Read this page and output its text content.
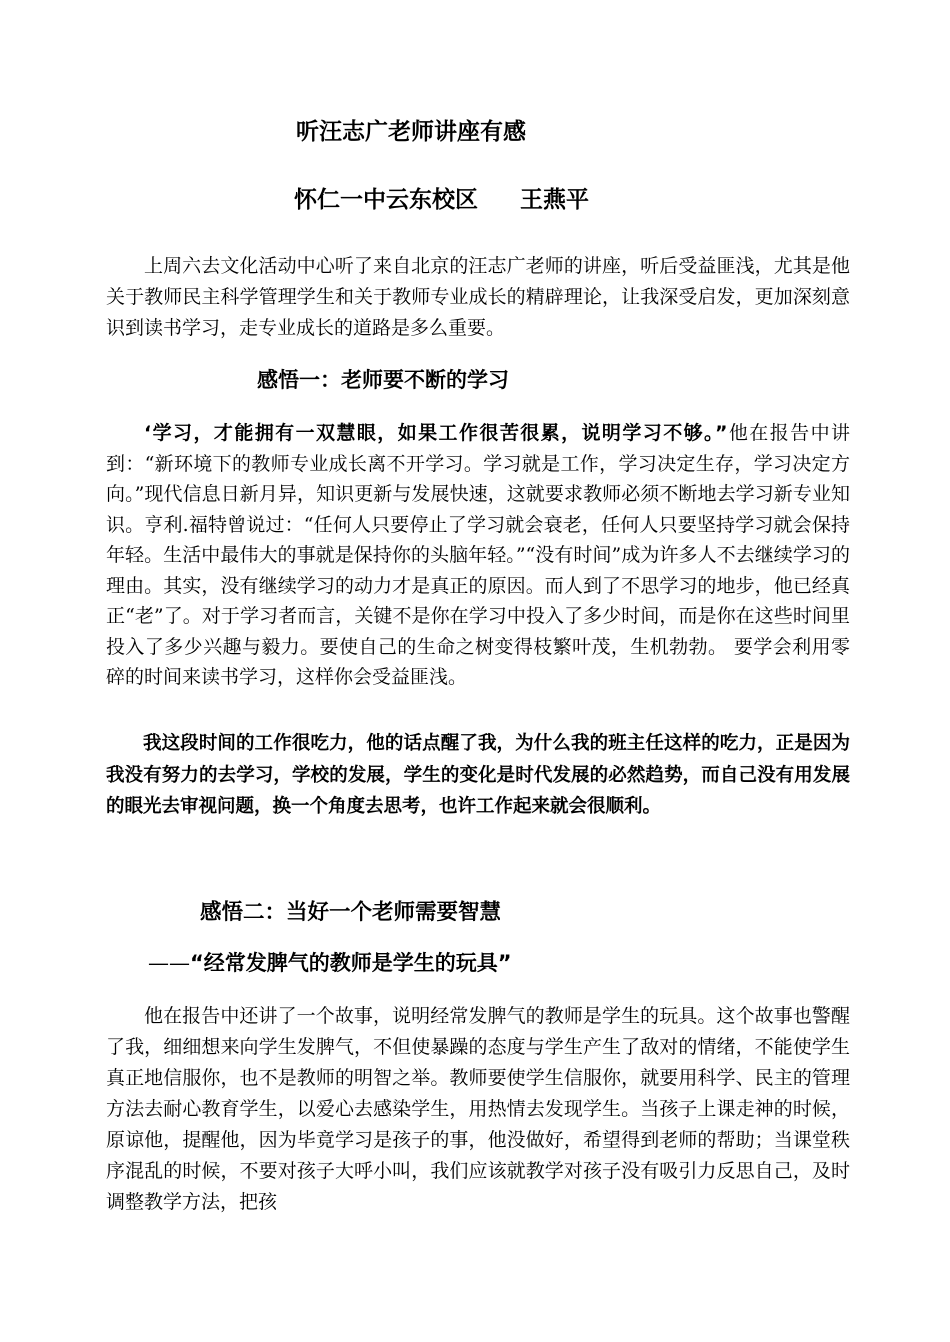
听汪志广老师讲座有感

怀仁一中云东校区 王燕平

上周六去文化活动中心听了来自北京的汪志广老师的讲座，听后受益匪浅，尤其是他关于教师民主科学管理学生和关于教师专业成长的精辟理论，让我深受启发，更加深刻意识到读书学习，走专业成长的道路是多么重要。

感悟一：老师要不断的学习

‘学习，才能拥有一双慧眼，如果工作很苦很累，说明学习不够。”他在报告中讲到：“新环境下的教师专业成长离不开学习。学习就是工作，学习决定生存，学习决定方向。”现代信息日新月异，知识更新与发展快速，这就要求教师必须不断地去学习新专业知识。亨利.福特曾说过：“任何人只要停止了学习就会衰老，任何人只要坚持学习就会保持年轻。生活中最伟大的事就是保持你的头脑年轻。”“没有时间”成为许多人不去继续学习的理由。其实，没有继续学习的动力才是真正的原因。而人到了不思学习的地步，他已经真正“老”了。对于学习者而言，关键不是你在学习中投入了多少时间，而是你在这些时间里投入了多少兴趣与毅力。要使自己的生命之树变得枝繁叶茂，生机勃勃。 要学会利用零碎的时间来读书学习，这样你会受益匪浅。

我这段时间的工作很吃力，他的话点醒了我，为什么我的班主任这样的吃力，正是因为我没有努力的去学习，学校的发展，学生的变化是时代发展的必然趋势，而自己没有用发展的眼光去审视问题，换一个角度去思考，也许工作起来就会很顺利。

感悟二：当好一个老师需要智慧

——“经常发脾气的教师是学生的玩具”

他在报告中还讲了一个故事，说明经常发脾气的教师是学生的玩具。这个故事也警醒了我，细细想来向学生发脾气，不但使暴躁的态度与学生产生了敌对的情绪，不能使学生真正地信服你，也不是教师的明智之举。教师要使学生信服你，就要用科学、民主的管理方法去耐心教育学生，以爱心去感染学生，用热情去发现学生。当孩子上课走神的时候，原谅他，提醒他，因为毕竟学习是孩子的事，他没做好，希望得到老师的帮助；当课堂秩序混乱的时候，不要对孩子大呼小叫，我们应该就教学对孩子没有吸引力反思自己，及时调整教学方法，把孩
